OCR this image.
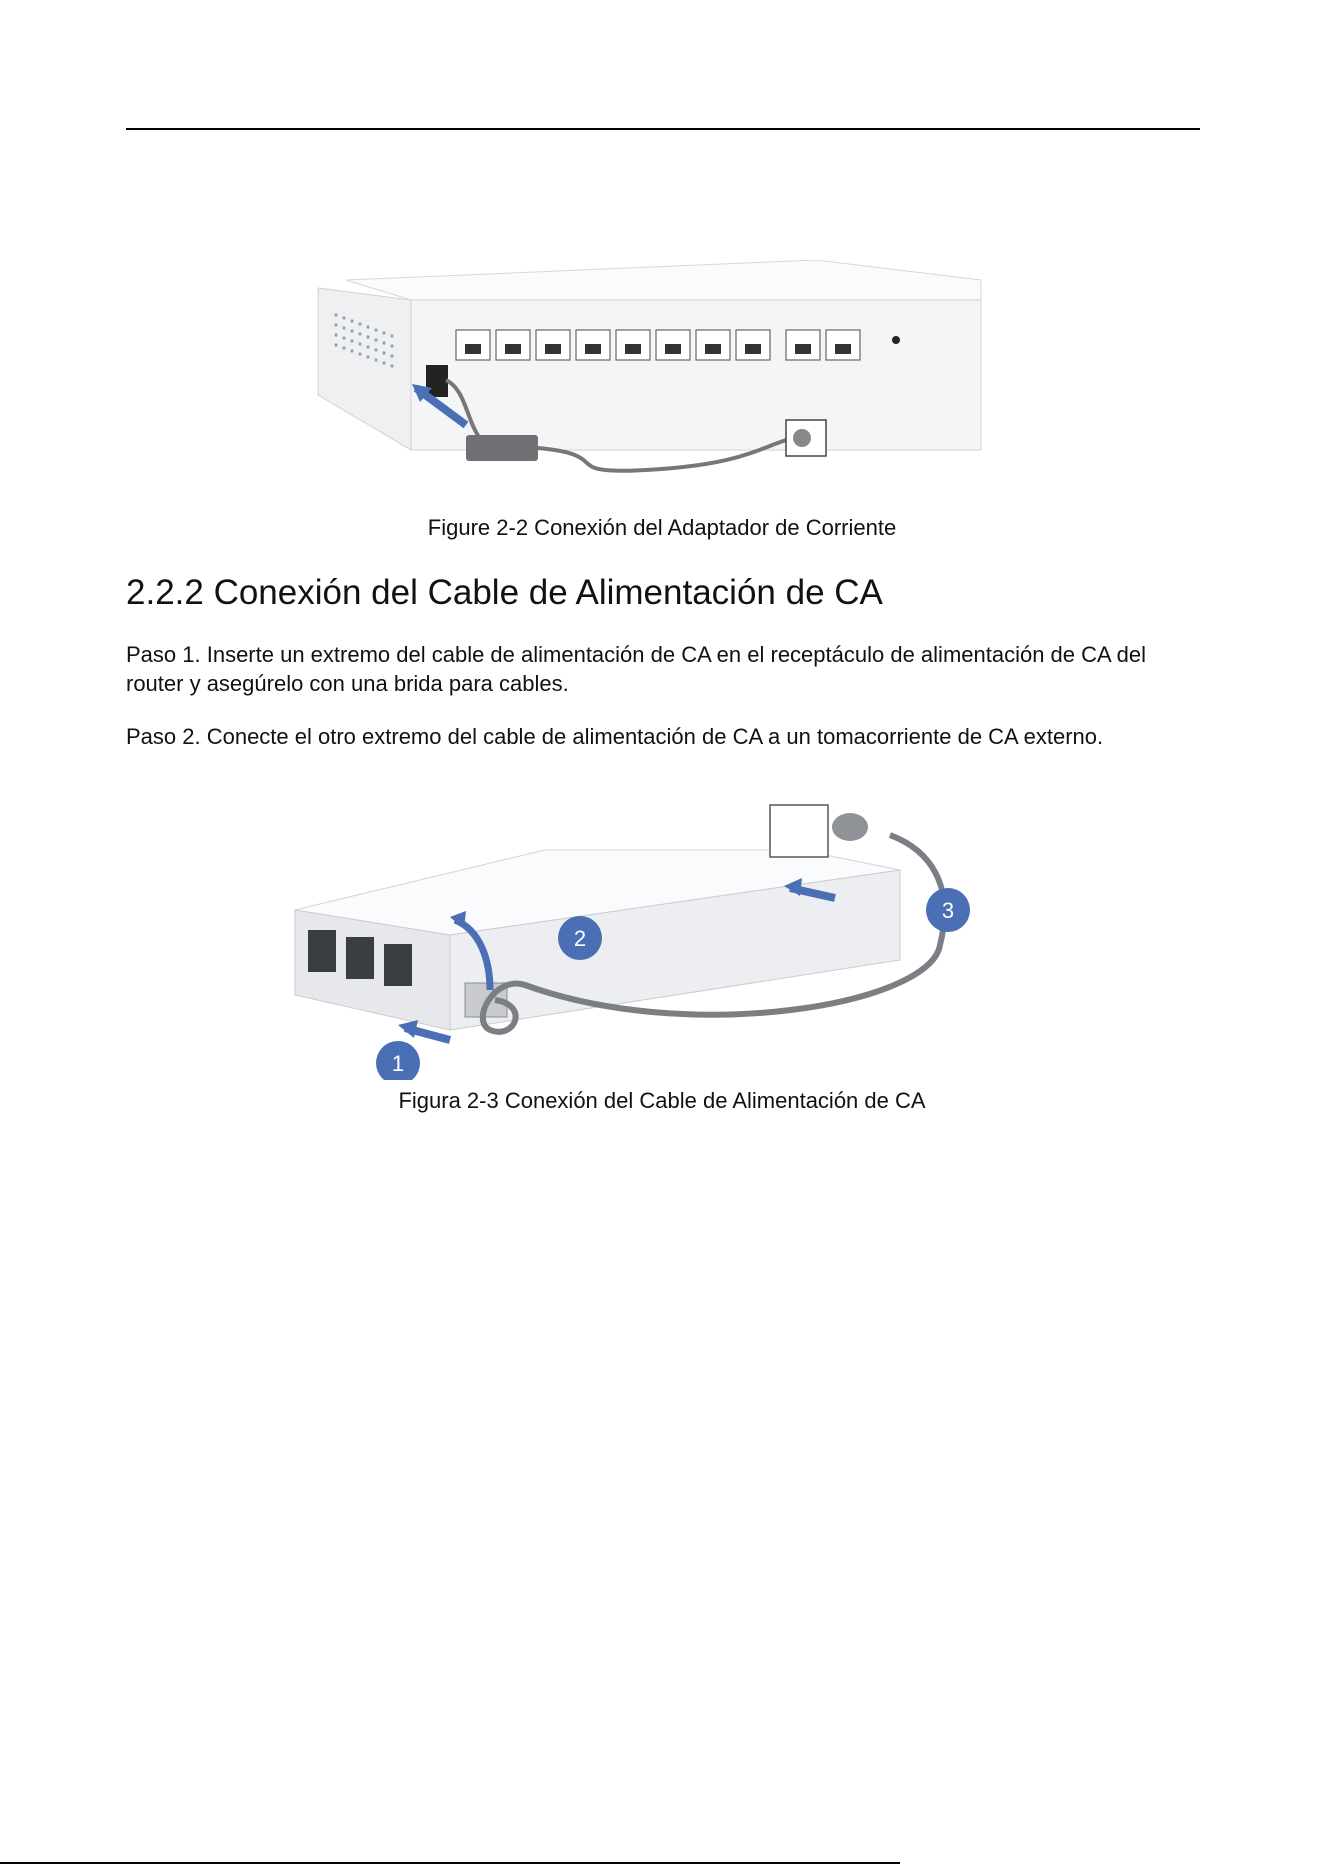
Figure 2-2 Conexión del Adaptador de Corriente
2.2.2 Conexión del Cable de Alimentación de CA

Paso 1. Inserte un extremo del cable de alimentación de CA en el receptáculo de alimentación de CA del router y asegúrelo con una brida para cables.

Paso 2. Conecte el otro extremo del cable de alimentación de CA a un tomacorriente de CA externo.

1
2
3
Figura 2-3 Conexión del Cable de Alimentación de CA
